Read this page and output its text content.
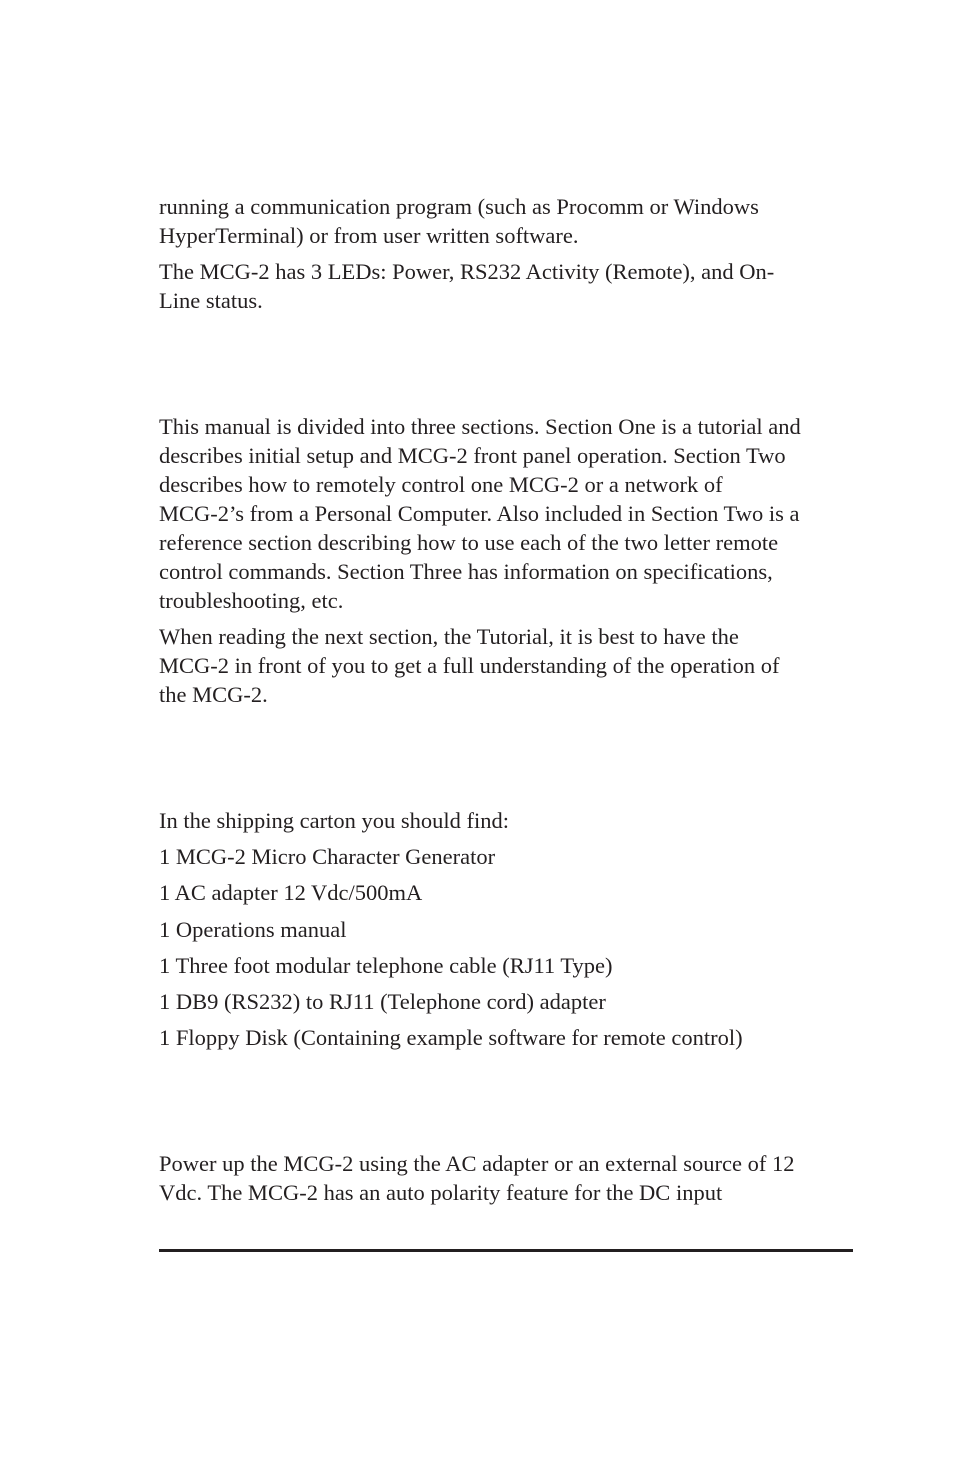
running a communication program (such as Procomm or Windows

HyperTerminal) or from user written software.

The MCG-2 has 3 LEDs: Power, RS232 Activity (Remote), and On-

Line status.

This manual is divided into three sections. Section One is a tutorial and

describes initial setup and MCG-2 front panel operation. Section Two

describes how to remotely control one MCG-2 or a network of

MCG-2’s from a Personal Computer. Also included in Section Two is a

reference section describing how to use each of the two letter remote

control commands. Section Three has information on specifications,

troubleshooting, etc.

When reading the next section, the Tutorial, it is best to have the

MCG-2 in front of you to get a full understanding of the operation of

the MCG-2.

In the shipping carton you should find:

1 MCG-2 Micro Character Generator

1 AC adapter 12 Vdc/500mA

1 Operations manual

1 Three foot modular telephone cable (RJ11 Type)

1 DB9 (RS232) to RJ11 (Telephone cord) adapter

1 Floppy Disk (Containing example software for remote control)

Power up the MCG-2 using the AC adapter or an external source of 12

Vdc. The MCG-2 has an auto polarity feature for the DC input
